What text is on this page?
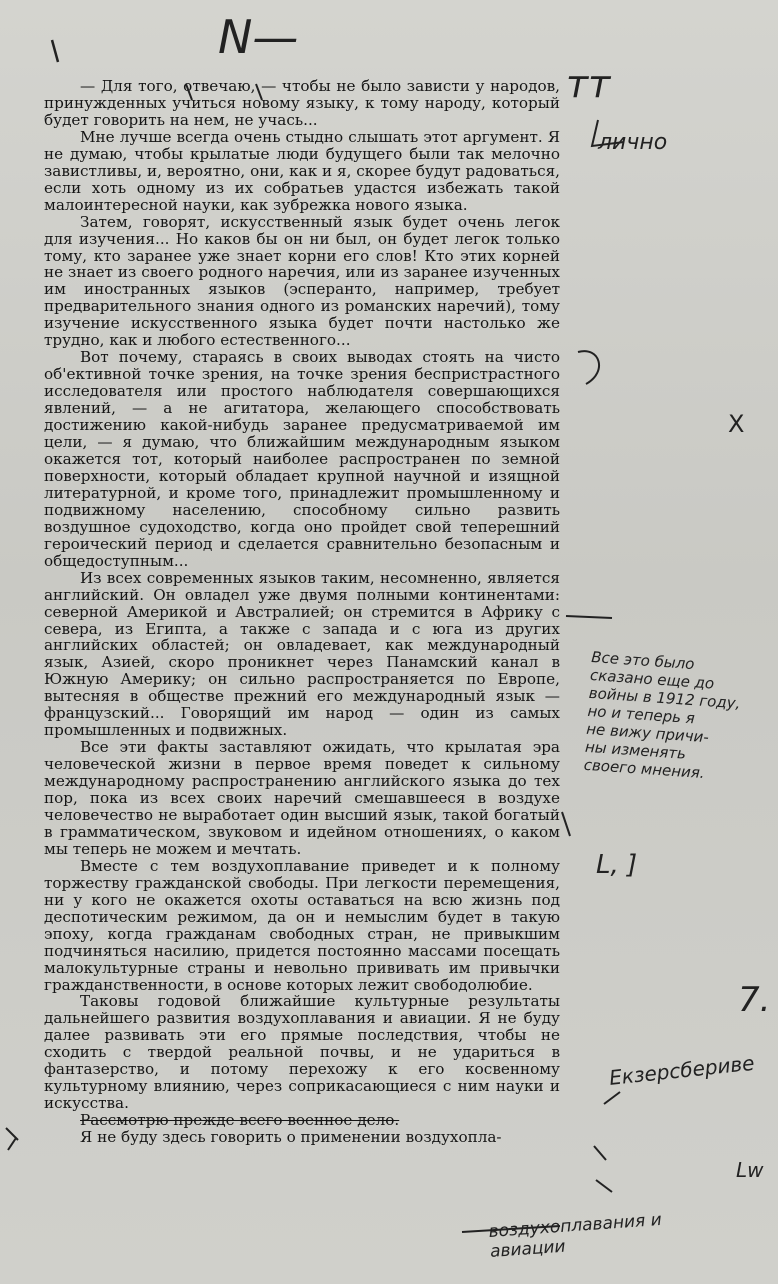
— Для того, отвечаю, — чтобы не было зависти у народов, принужденных учиться новому языку, к тому народу, который будет говорить на нем, не учась...

Мне лучше всегда очень стыдно слышать этот аргумент. Я не думаю, чтобы крылатые люди будущего были так мелочно завистливы, и, вероятно, они, как и я, скорее будут радоваться, если хоть одному из их собратьев удастся избежать такой малоинтересной науки, как зубрежка нового языка.

Затем, говорят, искусственный язык будет очень легок для изучения... Но каков бы он ни был, он будет легок только тому, кто заранее уже знает корни его слов! Кто этих корней не знает из своего родного наречия, или из заранее изученных им иностранных языков (эсперанто, например, требует предварительного знания одного из романских наречий), тому изучение искусственного языка будет почти настолько же трудно, как и любого естественного...

Вот почему, стараясь в своих выводах стоять на чисто об'ективной точке зрения, на точке зрения беспристрастного исследователя или простого наблюдателя совершающихся явлений, — а не агитатора, желающего способствовать достижению какой-нибудь заранее предусматриваемой им цели, — я думаю, что ближайшим международным языком окажется тот, который наиболее распространен по земной поверхности, который обладает крупной научной и изящной литературной, и кроме того, принадлежит промышленному и подвижному населению, способному сильно развить воздушное судоходство, когда оно пройдет свой теперешний героический период и сделается сравнительно безопасным и общедоступным...

Из всех современных языков таким, несомненно, является английский. Он овладел уже двумя полными континентами: северной Америкой и Австралией; он стремится в Африку с севера, из Египта, а также с запада и с юга из других английских областей; он овладевает, как международный язык, Азией, скоро проникнет через Панамский канал в Южную Америку; он сильно распространяется по Европе, вытесняя в обществе прежний его международный язык — французский... Говорящий им народ — один из самых промышленных и подвижных.

Все эти факты заставляют ожидать, что крылатая эра человеческой жизни в первое время поведет к сильному международному распространению английского языка до тех пор, пока из всех своих наречий смешавшееся в воздухе человечество не выработает один высший язык, такой богатый в грамматическом, звуковом и идейном отношениях, о каком мы теперь не можем и мечтать.

Вместе с тем воздухоплавание приведет и к полному торжеству гражданской свободы. При легкости перемещения, ни у кого не окажется охоты оставаться на всю жизнь под деспотическим режимом, да он и немыслим будет в такую эпоху, когда гражданам свободных стран, не привыкшим подчиняться насилию, придется постоянно массами посещать малокультурные страны и невольно прививать им привычки гражданственности, в основе которых лежит свободолюбие.

Таковы годовой ближайшие культурные результаты дальнейшего развития воздухоплавания и авиации. Я не буду далее развивать эти его прямые последствия, чтобы не сходить с твердой реальной почвы, и не удариться в фантазерство, и потому перехожу к его косвенному культурному влиянию, через соприкасающиеся с ним науки и искусства.

Рассмотрю прежде всего военное дело.

Я не буду здесь говорить о применении воздухопла-

N—
тт
лично
X
Все это было
сказано еще до
войны в 1912 году,
но и теперь я
не вижу причи-
ны изменять
своего мнения.
L, ]
7.
Екзерсбериве
Lw
воздухоплавания и
авиации
